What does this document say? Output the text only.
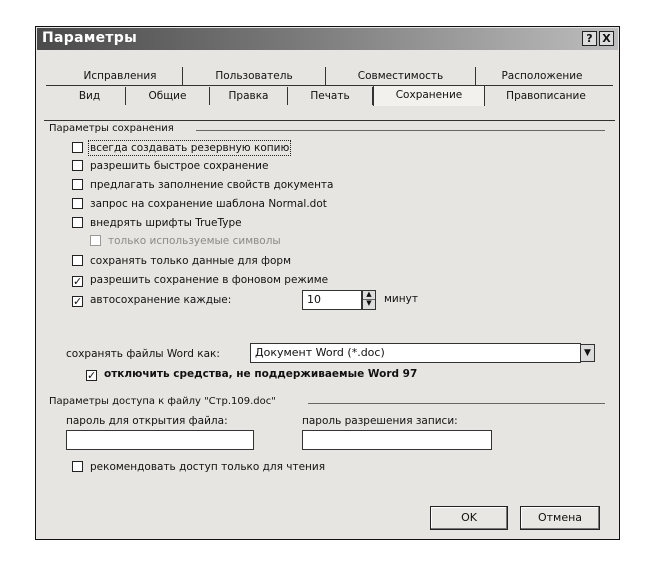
Параметры	? X
Исправления	Пользователь	Совместимость	Расположение
Вид	Общие	Правка	Печать	Сохранение	Правописание
Параметры сохранения
всегда создавать резервную копию
разрешить быстрое сохранение
предлагать заполнение свойств документа
запрос на сохранение шаблона Normal.dot
внедрять шрифты TrueType
только используемые символы
сохранять только данные для форм
✓ разрешить сохранение в фоновом режиме
✓ автосохранение каждые:	10	▲
▼	минут
сохранять файлы Word как:	Документ Word (*.doc)	▼
✓ отключить средства, не поддерживаемые Word 97
Параметры доступа к файлу "Стр.109.doc"
пароль для открытия файла:	пароль разрешения записи:
рекомендовать доступ только для чтения
OK	Отмена
